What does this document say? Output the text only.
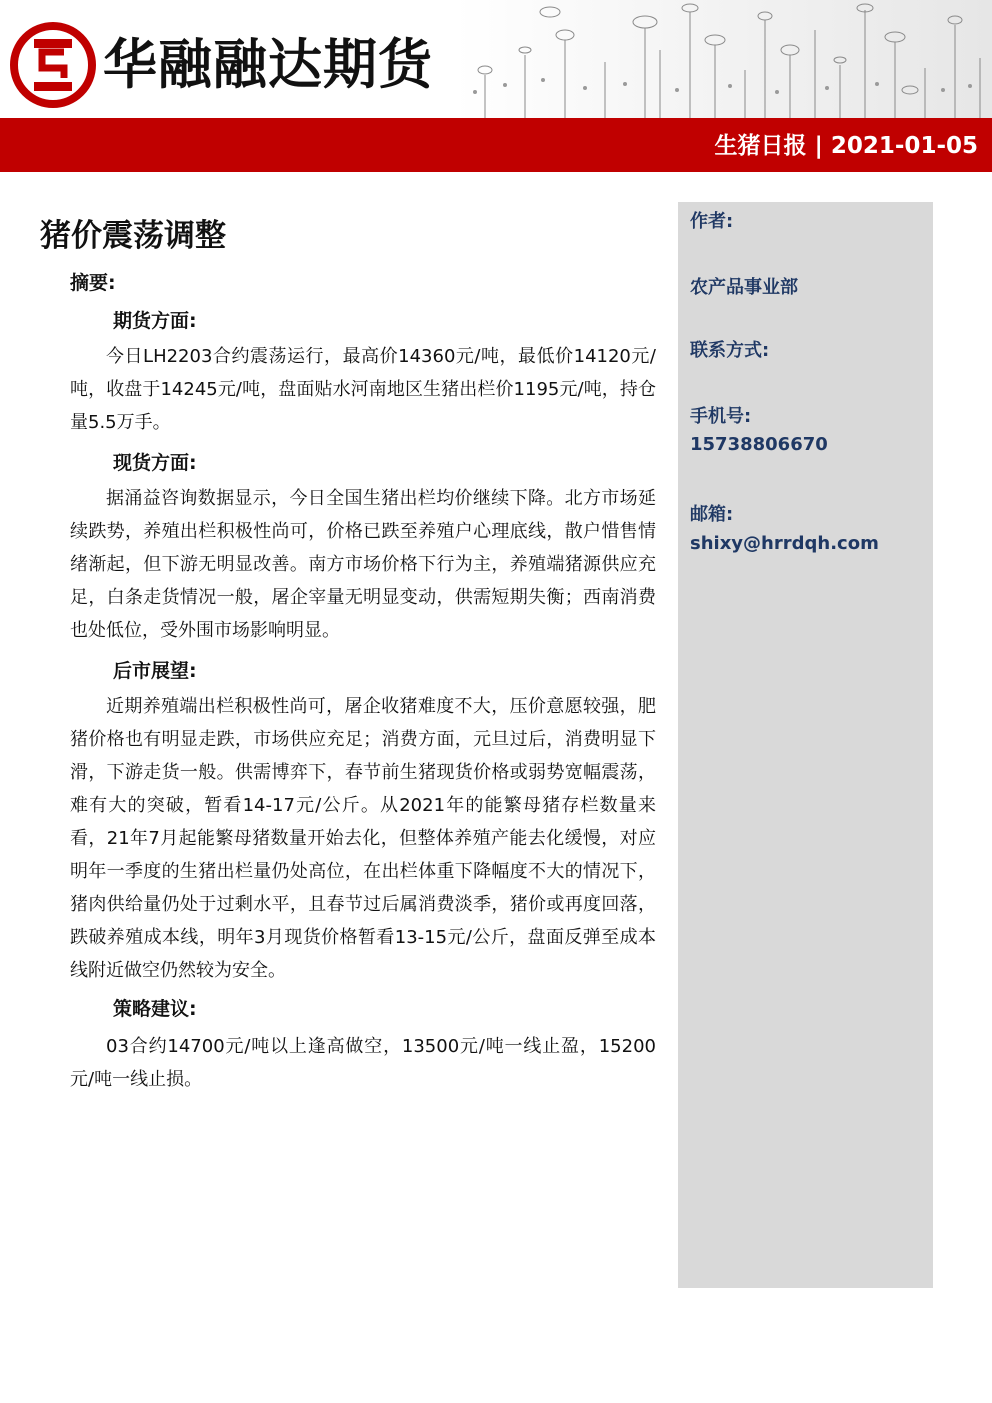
华融融达期货
生猪日报 | 2021-01-05
作者:
农产品事业部
联系方式:
手机号:
15738806670
邮箱:
shixy@hrrdqh.com
猪价震荡调整
摘要:
期货方面:

今日LH2203合约震荡运行，最高价14360元/吨，最低价14120元/吨，收盘于14245元/吨，盘面贴水河南地区生猪出栏价1195元/吨，持仓量5.5万手。

现货方面:

据涌益咨询数据显示，今日全国生猪出栏均价继续下降。北方市场延续跌势，养殖出栏积极性尚可，价格已跌至养殖户心理底线，散户惜售情绪渐起，但下游无明显改善。南方市场价格下行为主，养殖端猪源供应充足，白条走货情况一般，屠企宰量无明显变动，供需短期失衡；西南消费也处低位，受外围市场影响明显。

后市展望:

近期养殖端出栏积极性尚可，屠企收猪难度不大，压价意愿较强，肥猪价格也有明显走跌，市场供应充足；消费方面，元旦过后，消费明显下滑，下游走货一般。供需博弈下，春节前生猪现货价格或弱势宽幅震荡，难有大的突破，暂看14-17元/公斤。从2021年的能繁母猪存栏数量来看，21年7月起能繁母猪数量开始去化，但整体养殖产能去化缓慢，对应明年一季度的生猪出栏量仍处高位，在出栏体重下降幅度不大的情况下，猪肉供给量仍处于过剩水平，且春节过后属消费淡季，猪价或再度回落，跌破养殖成本线，明年3月现货价格暂看13-15元/公斤，盘面反弹至成本线附近做空仍然较为安全。

策略建议:

03合约14700元/吨以上逢高做空，13500元/吨一线止盈，15200元/吨一线止损。
